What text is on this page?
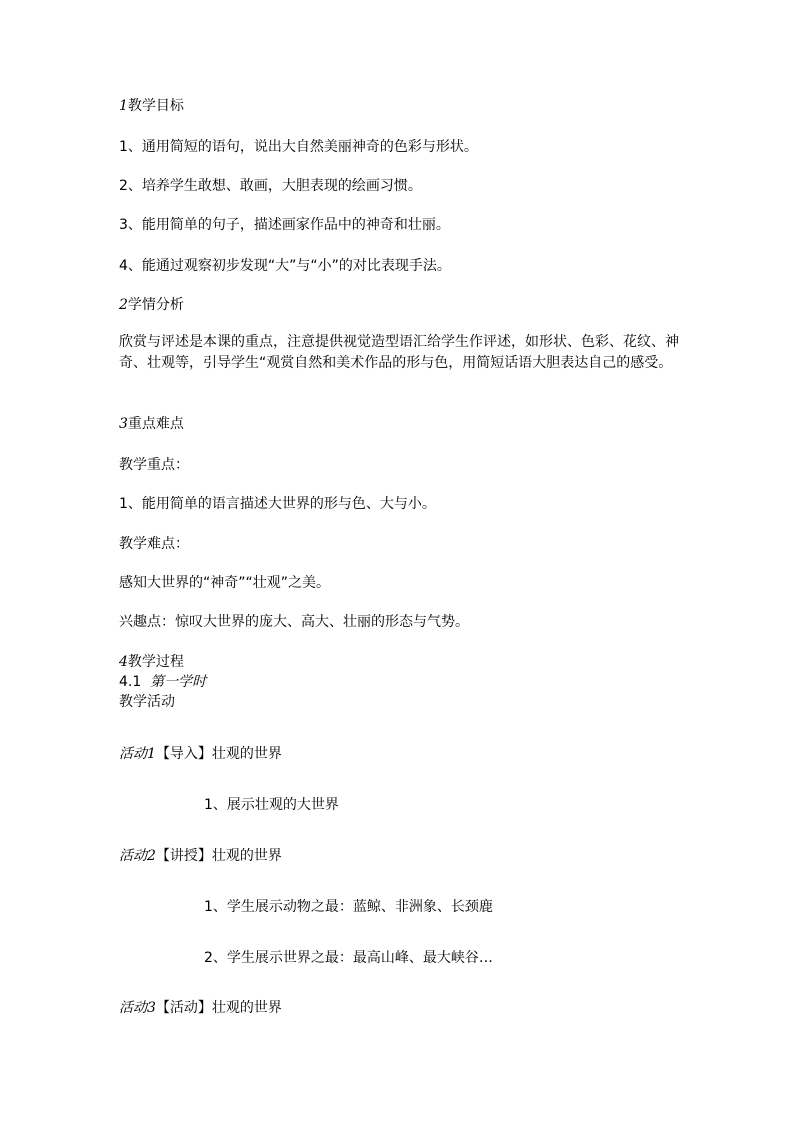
1教学目标
1、通用简短的语句，说出大自然美丽神奇的色彩与形状。
2、培养学生敢想、敢画，大胆表现的绘画习惯。
3、能用简单的句子，描述画家作品中的神奇和壮丽。
4、能通过观察初步发现“大”与“小”的对比表现手法。
2学情分析
欣赏与评述是本课的重点，注意提供视觉造型语汇给学生作评述，如形状、色彩、花纹、神奇、壮观等，引导学生“观赏自然和美术作品的形与色，用简短话语大胆表达自己的感受。
3重点难点
教学重点：
1、能用简单的语言描述大世界的形与色、大与小。
教学难点：
感知大世界的“神奇”“壮观”之美。
兴趣点：惊叹大世界的庞大、高大、壮丽的形态与气势。
4教学过程
4.1 第一学时
教学活动
活动1【导入】壮观的世界
1、展示壮观的大世界
活动2【讲授】壮观的世界
1、学生展示动物之最：蓝鲸、非洲象、长颈鹿
2、学生展示世界之最：最高山峰、最大峡谷…
活动3【活动】壮观的世界
